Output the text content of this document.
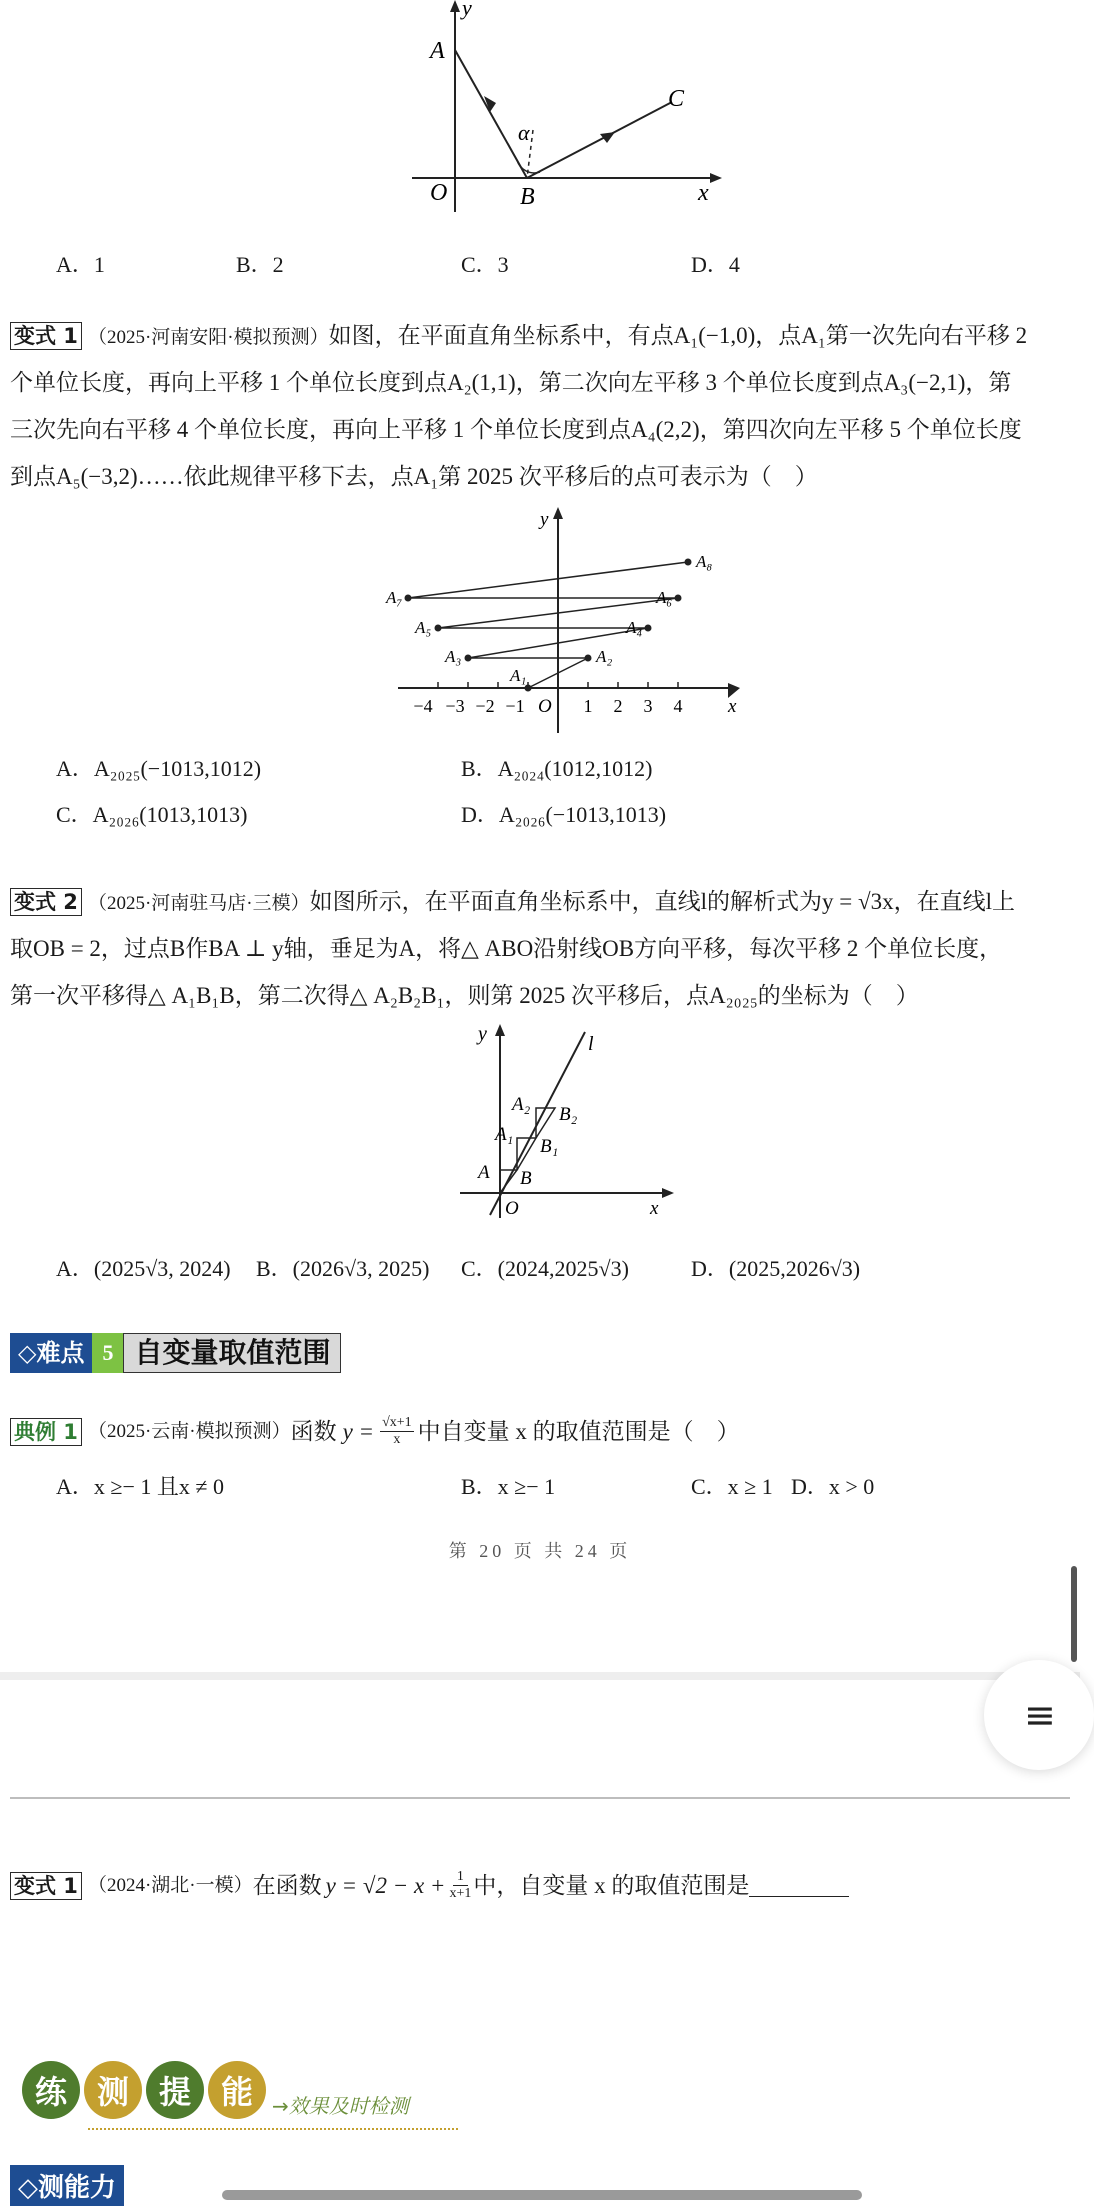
y
A
C
α
O	B	x
A．1	B．2	C．3	D．4
变式 1 （2025·河南安阳·模拟预测）如图，在平面直角坐标系中，有点A₁(−1,0)，点A₁第一次先向右平移 2
个单位长度，再向上平移 1 个单位长度到点A₂(1,1)，第二次向左平移 3 个单位长度到点A₃(−2,1)，第
三次先向右平移 4 个单位长度，再向上平移 1 个单位长度到点A₄(2,2)，第四次向左平移 5 个单位长度
到点A₅(−3,2)……依此规律平移下去，点A₁第 2025 次平移后的点可表示为（　）
y
x
O
−4 −3 −2 −1	1 2 3 4
A₁
A₂
A₃
A₄
A₅
A₆
A₇
A₈
A．A₂₀₂₅(−1013,1012)	B．A₂₀₂₄(1012,1012)
C．A₂₀₂₆(1013,1013)	D．A₂₀₂₆(−1013,1013)
变式 2 （2025·河南驻马店·三模）如图所示，在平面直角坐标系中，直线l的解析式为y = √3x，在直线l上
取OB = 2，过点B作BA ⊥ y轴，垂足为A，将△ ABO沿射线OB方向平移，每次平移 2 个单位长度，
第一次平移得△ A₁B₁B，第二次得△ A₂B₂B₁，则第 2025 次平移后，点A₂₀₂₅的坐标为（　）
l
y
A₂ B₂
A₁
B₁
A B
O	x
A．(2025√3, 2024) B．(2026√3, 2025) C．(2024,2025√3)	D．(2025,2026√3)
◇难点 5 自变量取值范围
典例 1 （2025·云南·模拟预测） 函数 $y = \frac{√x+1}{x}$ 中自变量 x 的取值范围是（　）
A．x ≥− 1 且x ≠ 0	B．x ≥− 1	C．x ≥ 1 D．x > 0
第 20 页 共 24 页
≡
变式 1 （2024·湖北·一模） 在函数 $y = √2 - x + \frac{1}{x+1}$ 中，自变量 x 的取值范围是
练 测 提 能 →效果及时检测
◇测能力
